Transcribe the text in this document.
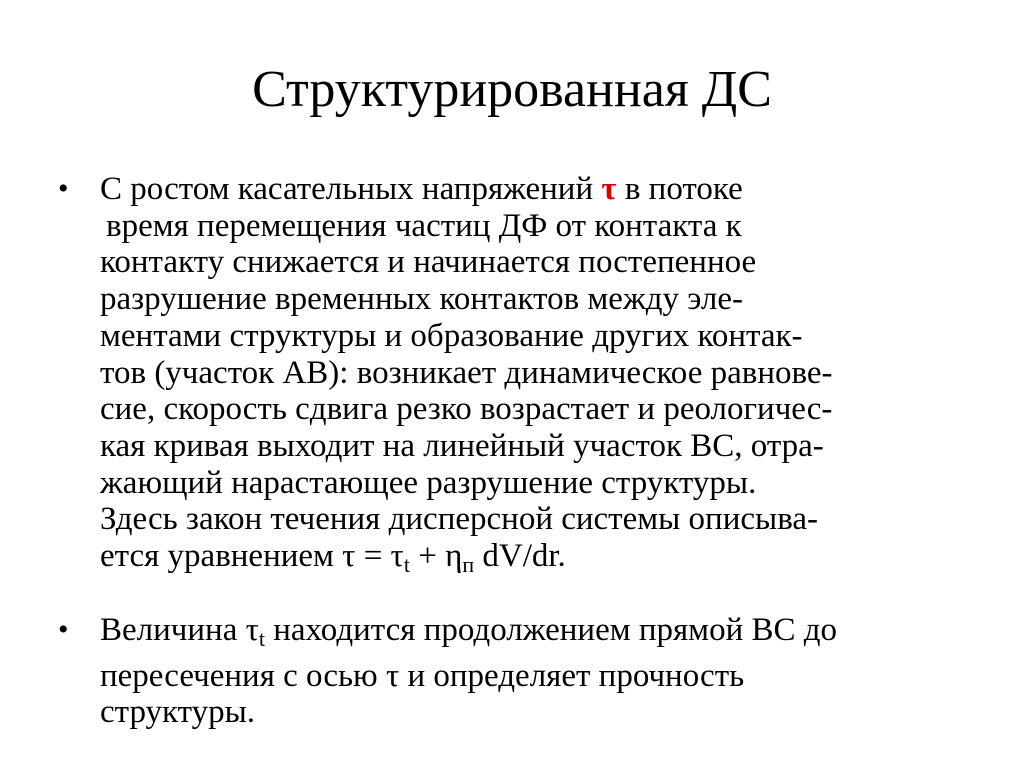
Структурированная ДС
• С ростом касательных напряжений τ в потоке
время перемещения частиц ДФ от контакта к
контакту снижается и начинается постепенное
разрушение временных контактов между эле-
ментами структуры и образование других контак-
тов (участок АВ): возникает динамическое равнове-
сие, скорость сдвига резко возрастает и реологичес-
кая кривая выходит на линейный участок ВС, отра-
жающий нарастающее разрушение структуры.
Здесь закон течения дисперсной системы описыва-
ется уравнением $\tau = \tau_t + \eta_п$ dV/dr.
• Величина $\tau_t$ находится продолжением прямой ВС до
пересечения с осью τ и определяет прочность
структуры.
